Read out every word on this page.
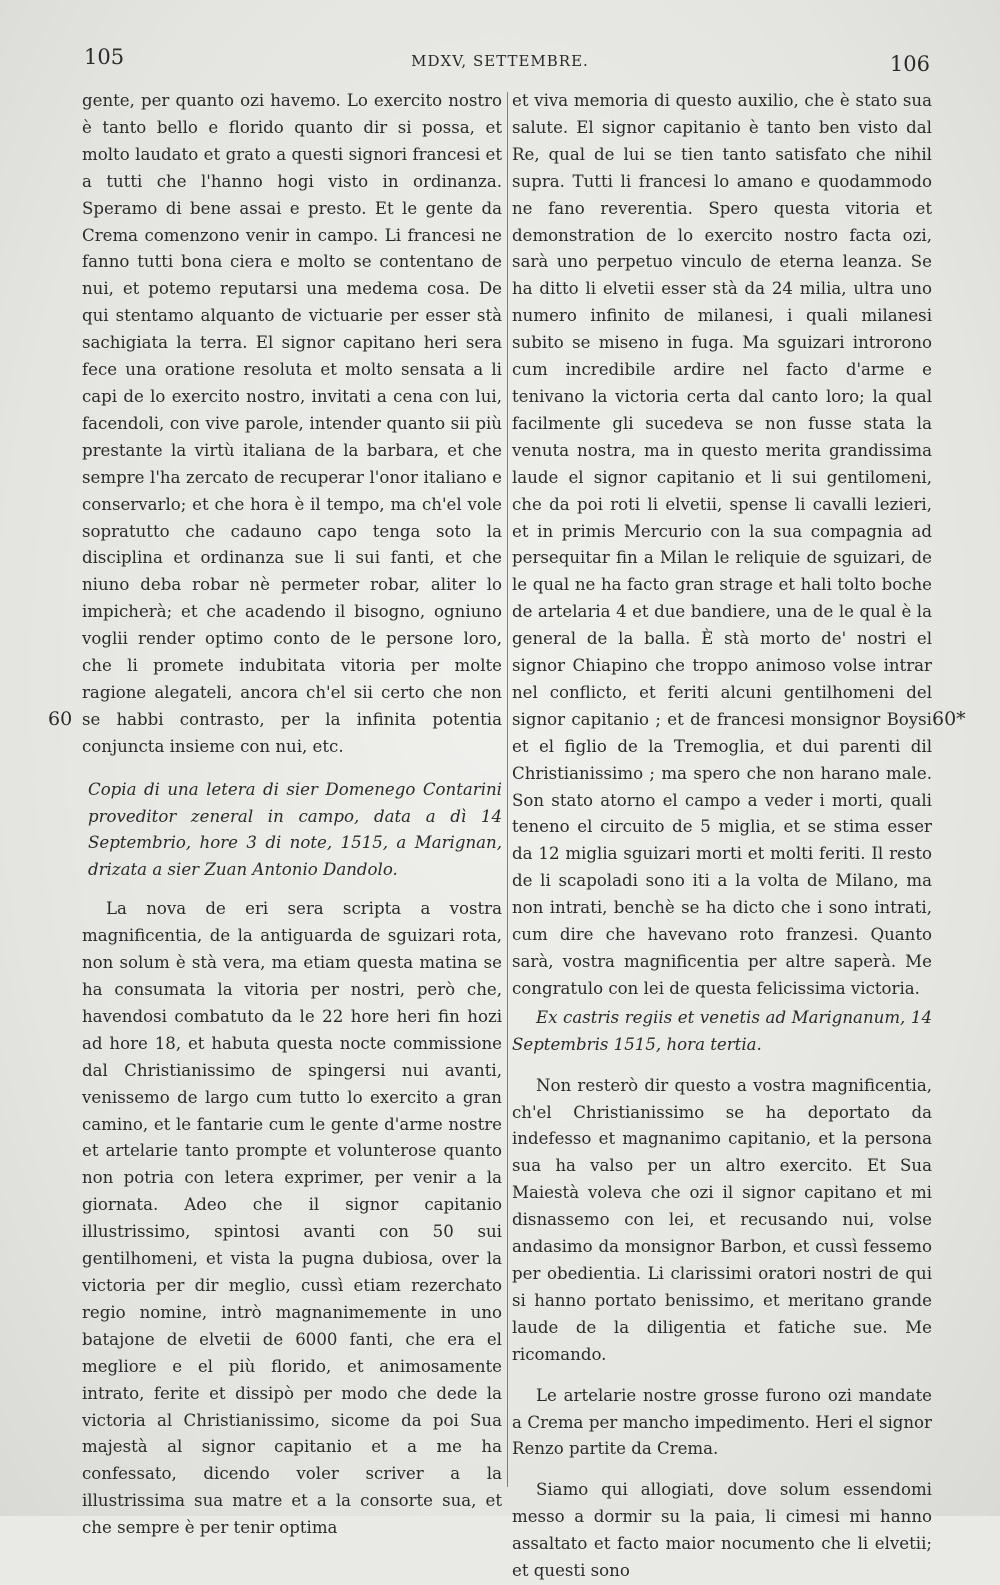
105	MDXV, SETTEMBRE.	106
60	60*

gente, per quanto ozi havemo. Lo exercito nostro è tanto bello e florido quanto dir si possa, et molto laudato et grato a questi signori francesi et a tutti che l'hanno hogi visto in ordinanza. Speramo di bene assai e presto. Et le gente da Crema comenzono venir in campo. Li francesi ne fanno tutti bona ciera e molto se contentano de nui, et potemo reputarsi una medema cosa. De qui stentamo alquanto de victuarie per esser stà sachigiata la terra. El signor capitano heri sera fece una oratione resoluta et molto sensata a li capi de lo exercito nostro, invitati a cena con lui, facendoli, con vive parole, intender quanto sii più prestante la virtù italiana de la barbara, et che sempre l'ha zercato de recuperar l'onor italiano e conservarlo; et che hora è il tempo, ma ch'el vole sopratutto che cadauno capo tenga soto la disciplina et ordinanza sue li sui fanti, et che niuno deba robar nè permeter robar, aliter lo impicherà; et che acadendo il bisogno, ogniuno voglii render optimo conto de le persone loro, che li promete indubitata vitoria per molte ragione alegateli, ancora ch'el sii certo che non se habbi contrasto, per la infinita potentia conjuncta insieme con nui, etc.

Copia di una letera di sier Domenego Contarini proveditor zeneral in campo, data a dì 14 Septembrio, hore 3 di note, 1515, a Marignan, drizata a sier Zuan Antonio Dandolo.

La nova de eri sera scripta a vostra magnificentia, de la antiguarda de sguizari rota, non solum è stà vera, ma etiam questa matina se ha consumata la vitoria per nostri, però che, havendosi combatuto da le 22 hore heri fin hozi ad hore 18, et habuta questa nocte commissione dal Christianissimo de spingersi nui avanti, venissemo de largo cum tutto lo exercito a gran camino, et le fantarie cum le gente d'arme nostre et artelarie tanto prompte et volunterose quanto non potria con letera exprimer, per venir a la giornata. Adeo che il signor capitanio illustrissimo, spintosi avanti con 50 sui gentilhomeni, et vista la pugna dubiosa, over la victoria per dir meglio, cussì etiam rezerchato regio nomine, intrò magnanimemente in uno batajone de elvetii de 6000 fanti, che era el megliore e el più florido, et animosamente intrato, ferite et dissipò per modo che dede la victoria al Christianissimo, sicome da poi Sua majestà al signor capitanio et a me ha confessato, dicendo voler scriver a la illustrissima sua matre et a la consorte sua, et che sempre è per tenir optima

et viva memoria di questo auxilio, che è stato sua salute. El signor capitanio è tanto ben visto dal Re, qual de lui se tien tanto satisfato che nihil supra. Tutti li francesi lo amano e quodammodo ne fano reverentia. Spero questa vitoria et demonstration de lo exercito nostro facta ozi, sarà uno perpetuo vinculo de eterna leanza. Se ha ditto li elvetii esser stà da 24 milia, ultra uno numero infinito de milanesi, i quali milanesi subito se miseno in fuga. Ma sguizari introrono cum incredibile ardire nel facto d'arme e tenivano la victoria certa dal canto loro; la qual facilmente gli sucedeva se non fusse stata la venuta nostra, ma in questo merita grandissima laude el signor capitanio et li sui gentilomeni, che da poi roti li elvetii, spense li cavalli lezieri, et in primis Mercurio con la sua compagnia ad persequitar fin a Milan le reliquie de sguizari, de le qual ne ha facto gran strage et hali tolto boche de artelaria 4 et due bandiere, una de le qual è la general de la balla. È stà morto de' nostri el signor Chiapino che troppo animoso volse intrar nel conflicto, et feriti alcuni gentilhomeni del signor capitanio ; et de francesi monsignor Boysi et el figlio de la Tremoglia, et dui parenti dil Christianissimo ; ma spero che non harano male. Son stato atorno el campo a veder i morti, quali teneno el circuito de 5 miglia, et se stima esser da 12 miglia sguizari morti et molti feriti. Il resto de li scapoladi sono iti a la volta de Milano, ma non intrati, benchè se ha dicto che i sono intrati, cum dire che havevano roto franzesi. Quanto sarà, vostra magnificentia per altre saperà. Me congratulo con lei de questa felicissima victoria.

Ex castris regiis et venetis ad Marignanum, 14 Septembris 1515, hora tertia.

Non resterò dir questo a vostra magnificentia, ch'el Christianissimo se ha deportato da indefesso et magnanimo capitanio, et la persona sua ha valso per un altro exercito. Et Sua Maiestà voleva che ozi il signor capitano et mi disnassemo con lei, et recusando nui, volse andasimo da monsignor Barbon, et cussì fessemo per obedientia. Li clarissimi oratori nostri de qui si hanno portato benissimo, et meritano grande laude de la diligentia et fatiche sue. Me ricomando.

Le artelarie nostre grosse furono ozi mandate a Crema per mancho impedimento. Heri el signor Renzo partite da Crema.

Siamo qui allogiati, dove solum essendomi messo a dormir su la paia, li cimesi mi hanno assaltato et facto maior nocumento che li elvetii; et questi sono
